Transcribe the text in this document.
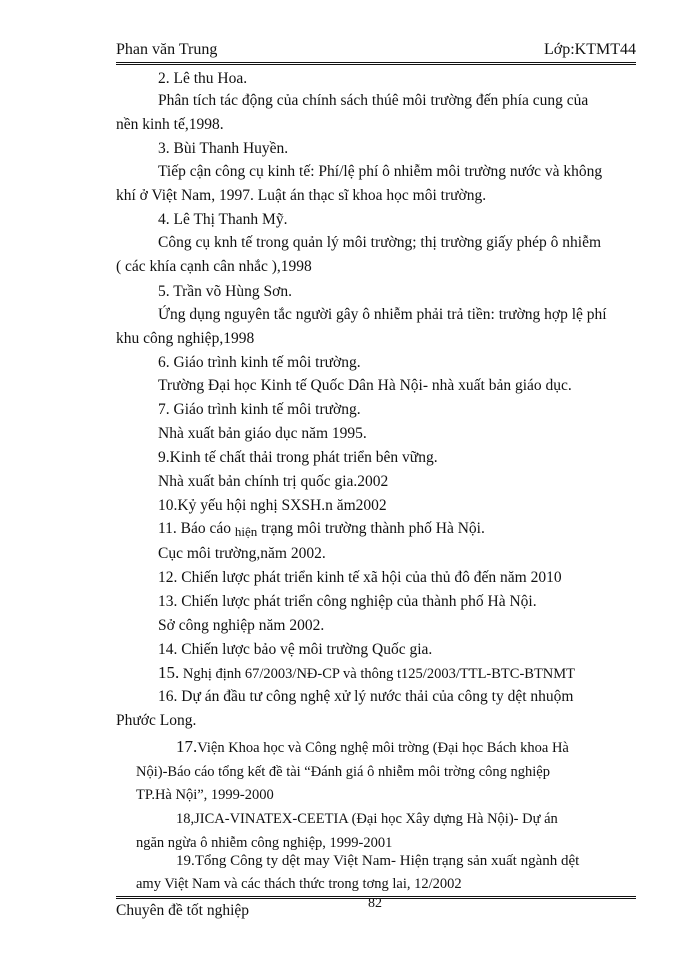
Phan văn Trung	Lớp:KTMT44
2. Lê thu Hoa.
Phân tích tác động của chính sách thúê môi trường đến phía cung của
nền kinh tế,1998.
3. Bùi Thanh Huyền.
Tiếp cận công cụ kinh tế: Phí/lệ phí ô nhiễm môi trường nước và không
khí ở Việt Nam, 1997. Luật án thạc sĩ khoa học môi trường.
4. Lê Thị Thanh Mỹ.
Công cụ knh tế trong quản lý môi trường; thị trường giấy phép ô nhiễm
( các khía cạnh cân nhắc ),1998
5. Trần võ Hùng Sơn.
Ứng dụng nguyên tắc người gây ô nhiễm phải trả tiền: trường hợp lệ phí
khu công nghiệp,1998
6. Giáo trình kinh tế môi trường.
Trường Đại học Kinh tế Quốc Dân Hà Nội- nhà xuất bản giáo dục.
7. Giáo trình kinh tế môi trường.
Nhà xuất bản giáo dục năm 1995.
9.Kinh tế chất thải trong phát triển bên vững.
Nhà xuất bản chính trị quốc gia.2002
10.Kỷ yếu hội nghị SXSH.n ăm2002
11. Báo cáo $_{hiện}$ trạng môi trường thành phố Hà Nội.
Cục môi trường,năm 2002.
12. Chiến lược phát triển kinh tế xã hội của thủ đô đến năm 2010
13. Chiến lược phát triển công nghiệp của thành phố Hà Nội.
Sở công nghiệp năm 2002.
14. Chiến lược bảo vệ môi trường Quốc gia.
15. Nghị định 67/2003/NĐ-CP và thông t125/2003/TTL-BTC-BTNMT
16. Dự án đầu tư công nghệ xử lý nước thải của công ty dệt nhuộm
Phước Long.
17.Viện Khoa học và Công nghệ môi trờng (Đại học Bách khoa Hà
Nội)-Báo cáo tổng kết đề tài “Đánh giá ô nhiễm môi trờng công nghiệp
TP.Hà Nội”, 1999-2000
18,JICA-VINATEX-CEETIA (Đại học Xây dựng Hà Nội)- Dự án
ngăn ngừa ô nhiễm công nghiệp, 1999-2001
19.Tổng Công ty dệt may Việt Nam- Hiện trạng sản xuất ngành dệt
amy Việt Nam và các thách thức trong tơng lai, 12/2002
82
Chuyên đề tốt nghiệp
